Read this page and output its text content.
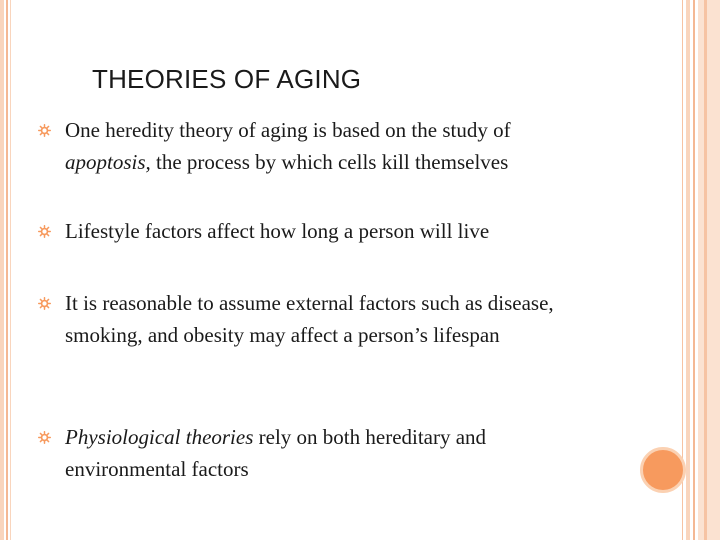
THEORIES OF AGING
One heredity theory of aging is based on the study of apoptosis, the process by which cells kill themselves
Lifestyle factors affect how long a person will live
It is reasonable to assume external factors such as disease, smoking, and obesity may affect a person’s lifespan
Physiological theories rely on both hereditary and environmental factors
